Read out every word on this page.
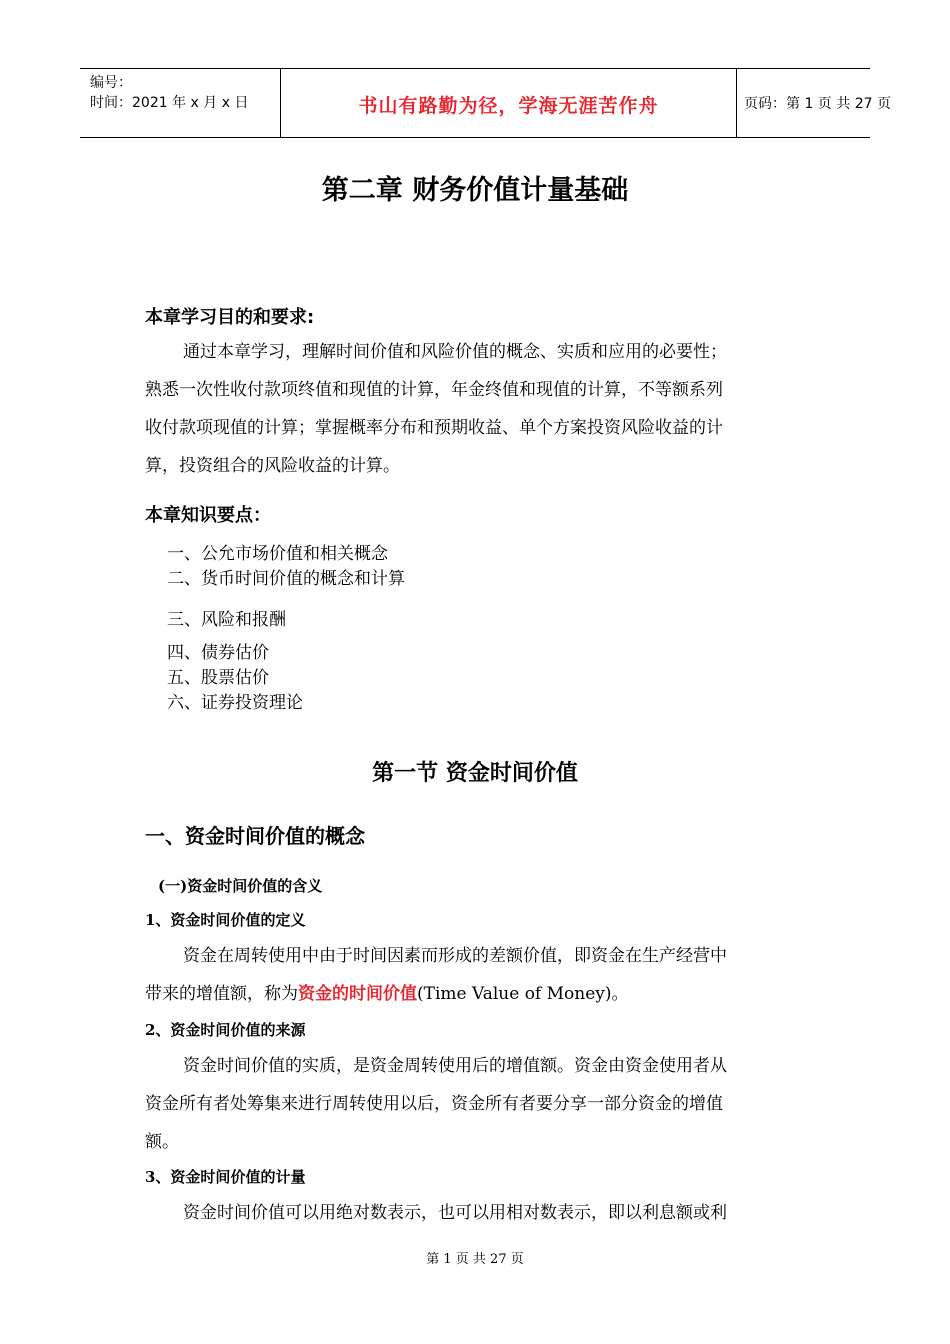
编号：
时间：2021 年 x 月 x 日	书山有路勤为径，学海无涯苦作舟	页码：第 1 页 共 27 页
第二章 财务价值计量基础
本章学习目的和要求:
通过本章学习，理解时间价值和风险价值的概念、实质和应用的必要性；
熟悉一次性收付款项终值和现值的计算，年金终值和现值的计算，不等额系列
收付款项现值的计算；掌握概率分布和预期收益、单个方案投资风险收益的计
算，投资组合的风险收益的计算。
本章知识要点：
一、公允市场价值和相关概念
二、货币时间价值的概念和计算
三、风险和报酬
四、债券估价
五、股票估价
六、证券投资理论
第一节 资金时间价值
一、资金时间价值的概念
(一)资金时间价值的含义
1、资金时间价值的定义
资金在周转使用中由于时间因素而形成的差额价值，即资金在生产经营中
带来的增值额，称为资金的时间价值(Time Value of Money)。
2、资金时间价值的来源
资金时间价值的实质，是资金周转使用后的增值额。资金由资金使用者从
资金所有者处筹集来进行周转使用以后，资金所有者要分享一部分资金的增值
额。
3、资金时间价值的计量
资金时间价值可以用绝对数表示，也可以用相对数表示，即以利息额或利
第 1 页 共 27 页
